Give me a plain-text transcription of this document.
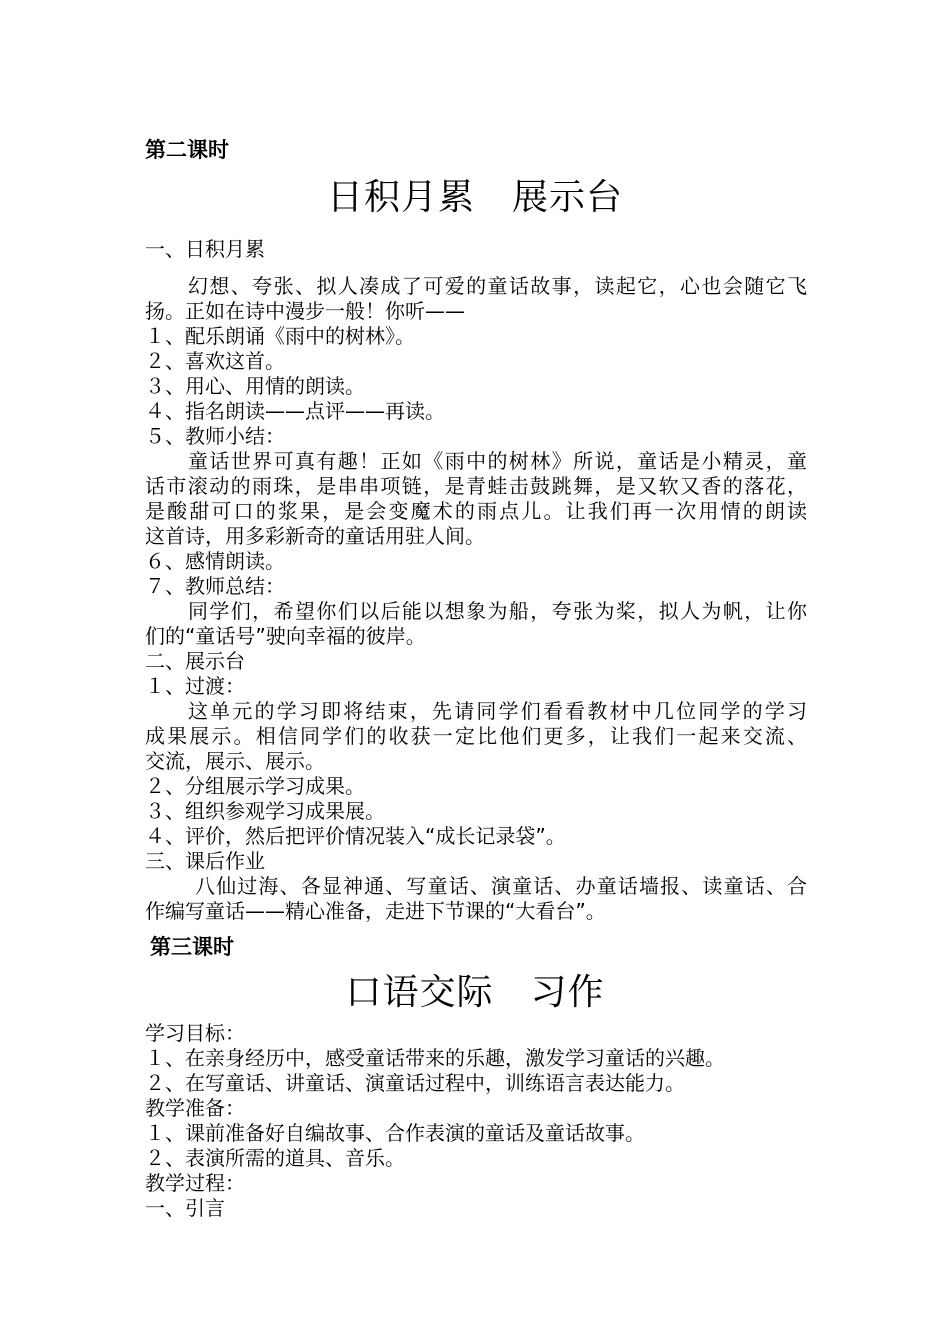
第二课时
日积月累　展示台
一、日积月累
幻想、夸张、拟人凑成了可爱的童话故事，读起它，心也会随它飞
扬。正如在诗中漫步一般！你听——
１、配乐朗诵《雨中的树林》。
２、喜欢这首。
３、用心、用情的朗读。
４、指名朗读——点评——再读。
５、教师小结：
童话世界可真有趣！正如《雨中的树林》所说，童话是小精灵，童
话市滚动的雨珠，是串串项链，是青蛙击鼓跳舞，是又软又香的落花，
是酸甜可口的浆果，是会变魔术的雨点儿。让我们再一次用情的朗读
这首诗，用多彩新奇的童话用驻人间。
６、感情朗读。
７、教师总结：
同学们，希望你们以后能以想象为船，夸张为桨，拟人为帆，让你
们的“童话号”驶向幸福的彼岸。
二、展示台
１、过渡：
这单元的学习即将结束，先请同学们看看教材中几位同学的学习
成果展示。相信同学们的收获一定比他们更多，让我们一起来交流、
交流，展示、展示。
２、分组展示学习成果。
３、组织参观学习成果展。
４、评价，然后把评价情况装入“成长记录袋”。
三、课后作业
八仙过海、各显神通、写童话、演童话、办童话墙报、读童话、合
作编写童话——精心准备，走进下节课的“大看台”。
第三课时
口语交际　习作
学习目标：
１、在亲身经历中，感受童话带来的乐趣，激发学习童话的兴趣。
２、在写童话、讲童话、演童话过程中，训练语言表达能力。
教学准备：
１、课前准备好自编故事、合作表演的童话及童话故事。
２、表演所需的道具、音乐。
教学过程：
一、引言
